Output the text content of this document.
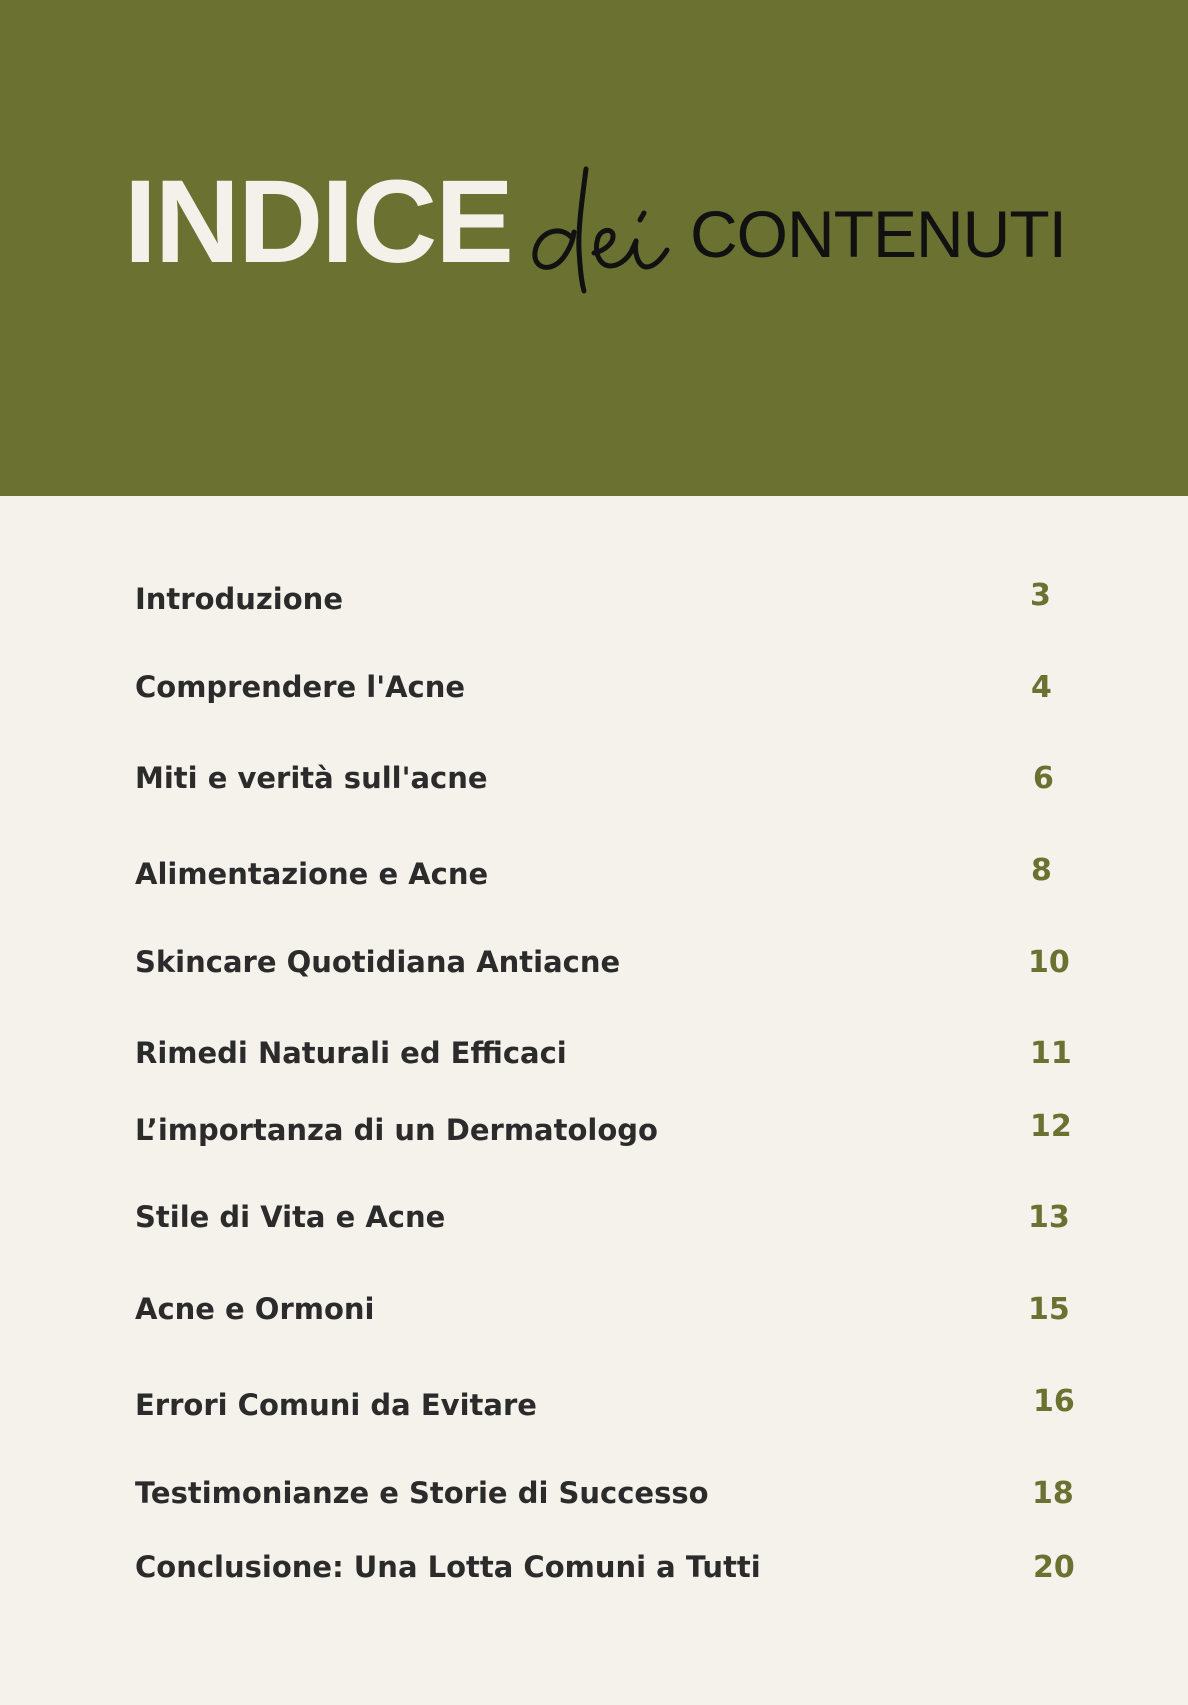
INDICE	CONTENUTI
Introduzione	3
Comprendere l'Acne	4
Miti e verità sull'acne	6
Alimentazione e Acne	8
Skincare Quotidiana Antiacne	10
Rimedi Naturali ed Efficaci	11
L’importanza di un Dermatologo	12
Stile di Vita e Acne	13
Acne e Ormoni	15
Errori Comuni da Evitare	16
Testimonianze e Storie di Successo	18
Conclusione: Una Lotta Comuni a Tutti	20
